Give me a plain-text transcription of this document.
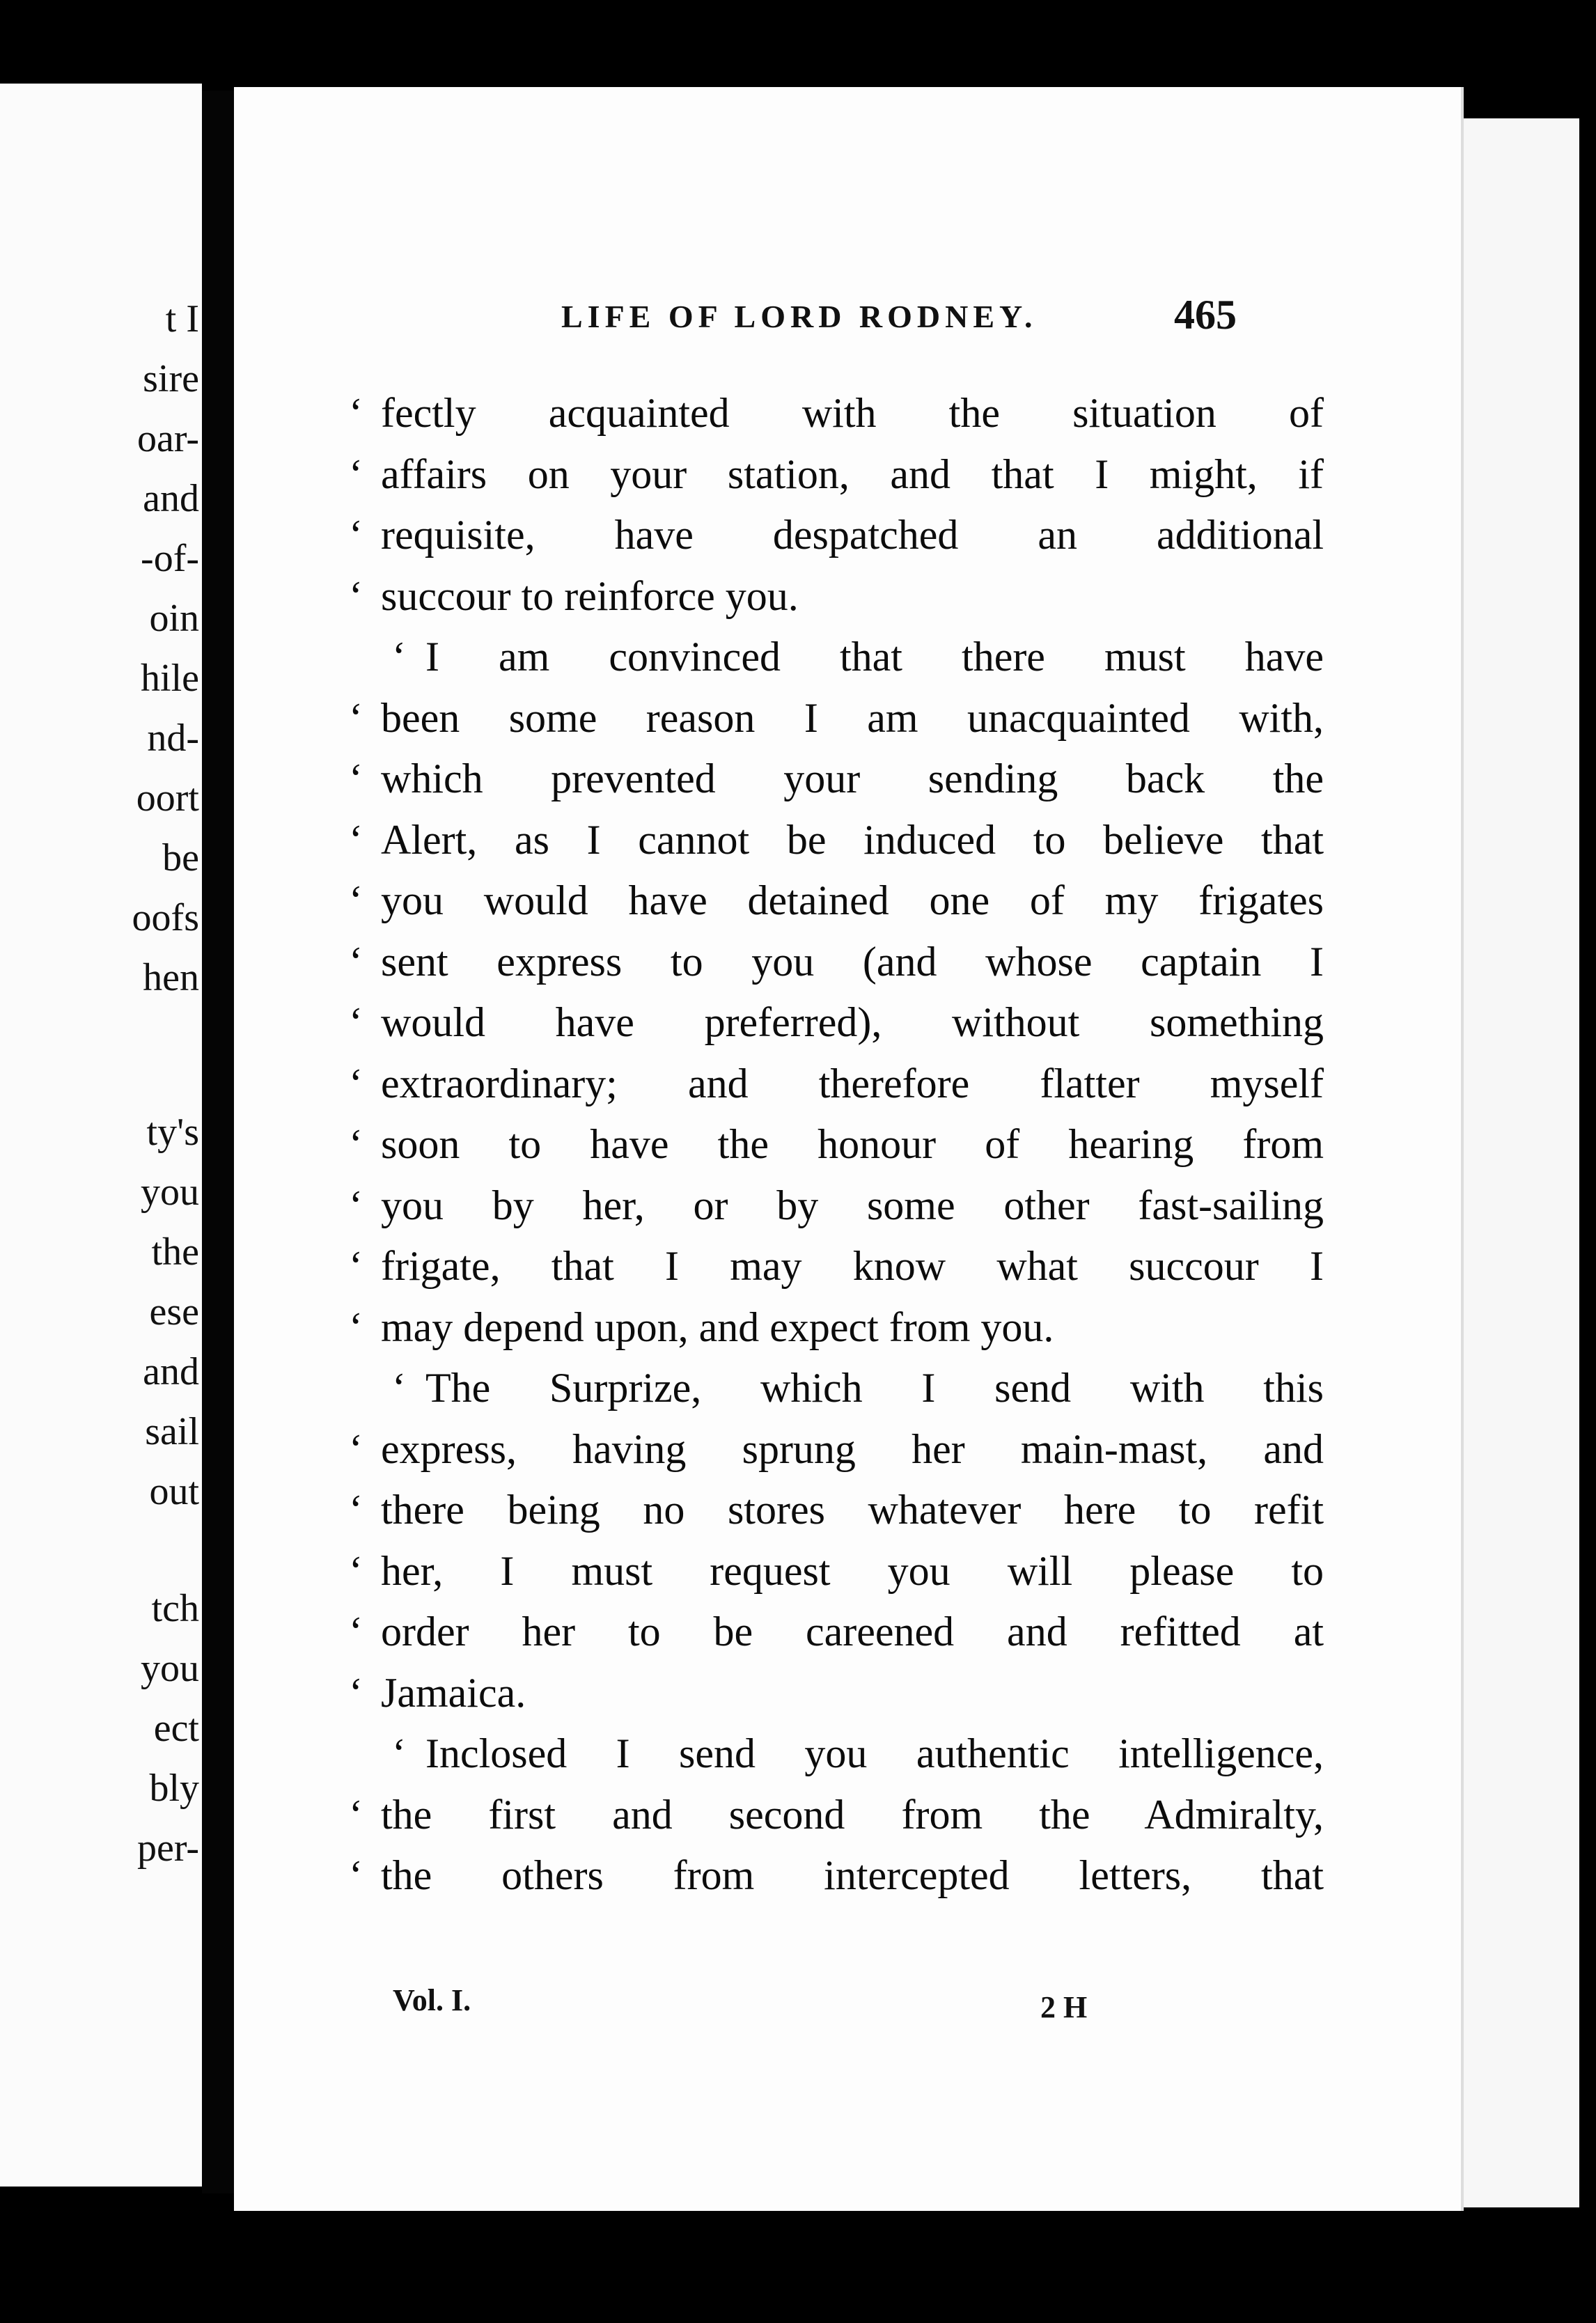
t I
sire
oar-
and
-of-
oin
hile
nd-
oort
be
oofs
hen
ty's
you
the
ese
and
sail
out
tch
you
ect
bly
per-
LIFE OF LORD RODNEY.	465
‘ fectly acquainted with the situation of
‘ affairs on your station, and that I might, if
‘ requisite, have despatched an additional
‘ succour to reinforce you.
‘ I am convinced that there must have
‘ been some reason I am unacquainted with,
‘ which prevented your sending back the
‘ Alert, as I cannot be induced to believe that
‘ you would have detained one of my frigates
‘ sent express to you (and whose captain I
‘ would have preferred), without something
‘ extraordinary; and therefore flatter myself
‘ soon to have the honour of hearing from
‘ you by her, or by some other fast-sailing
‘ frigate, that I may know what succour I
‘ may depend upon, and expect from you.
‘ The Surprize, which I send with this
‘ express, having sprung her main-mast, and
‘ there being no stores whatever here to refit
‘ her, I must request you will please to
‘ order her to be careened and refitted at
‘ Jamaica.
‘ Inclosed I send you authentic intelligence,
‘ the first and second from the Admiralty,
‘ the others from intercepted letters, that
Vol. I.	2 H
